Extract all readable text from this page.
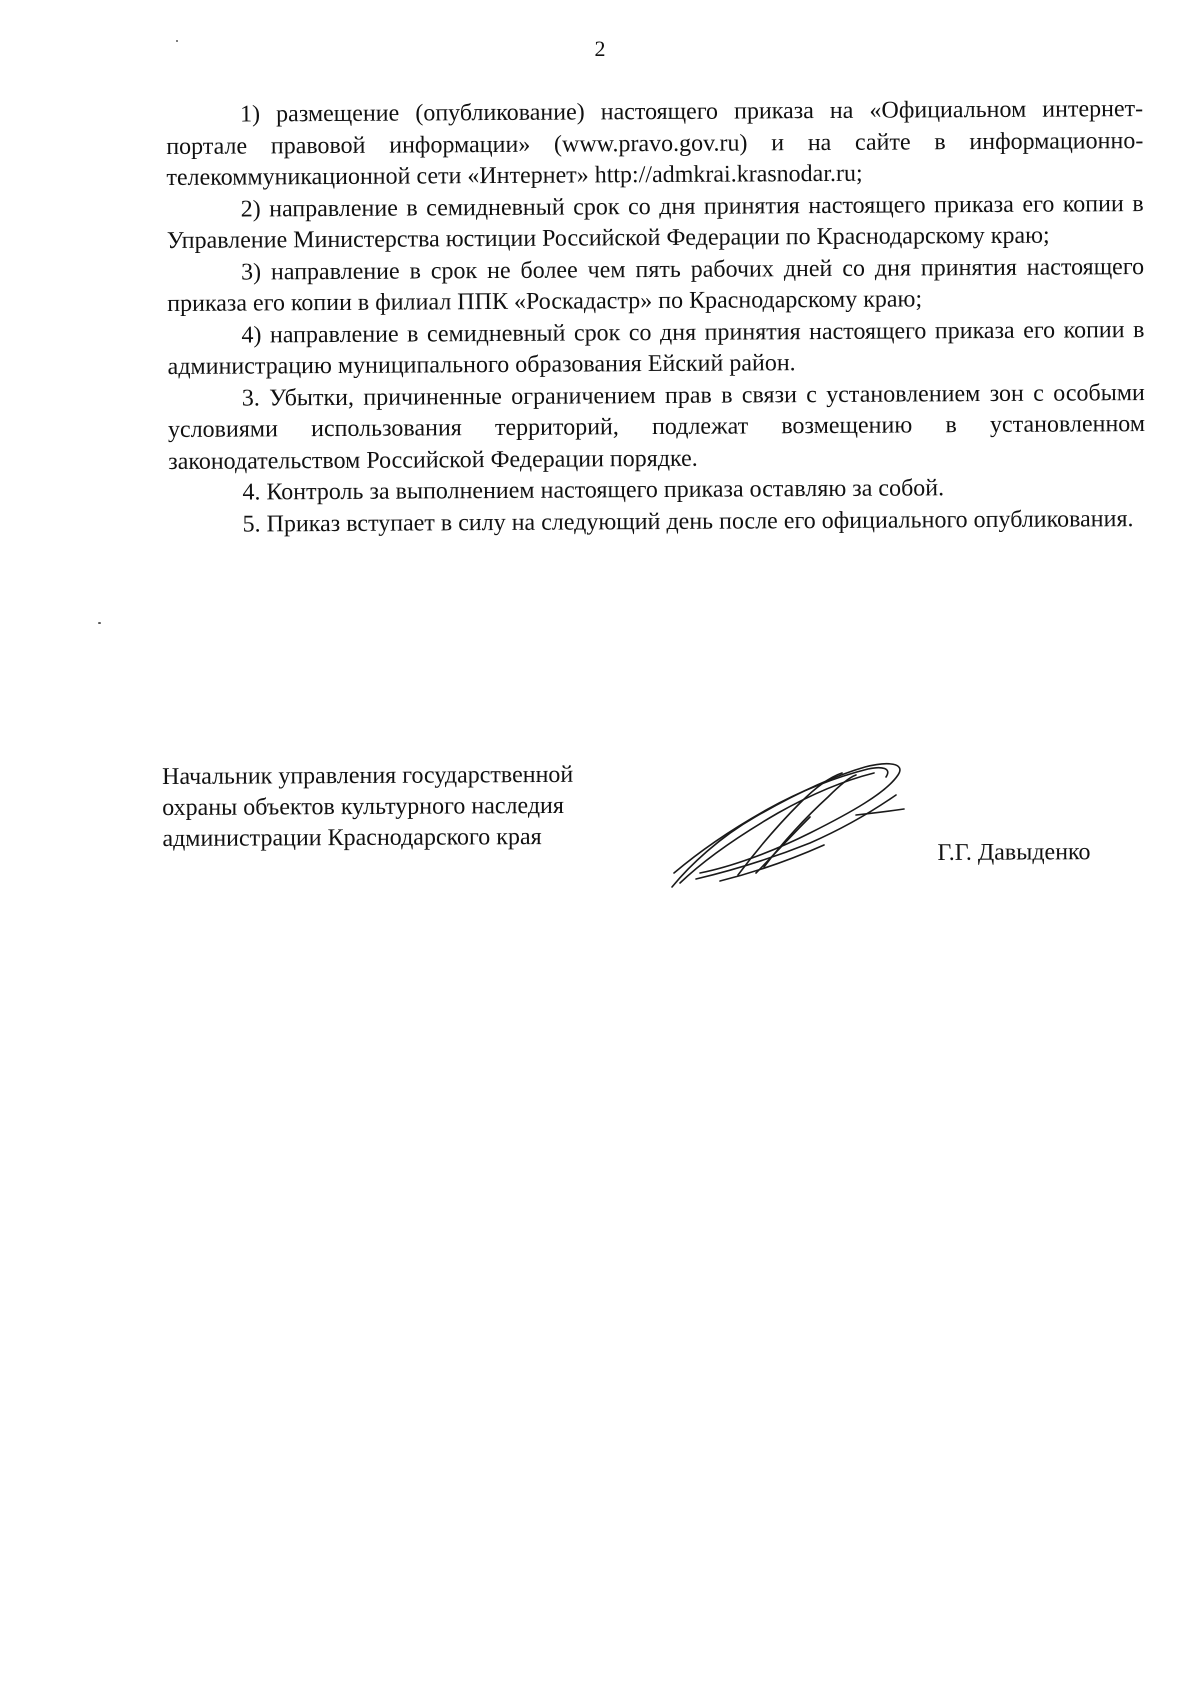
2

1) размещение (опубликование) настоящего приказа на «Официальном интернет-портале правовой информации» (www.pravo.gov.ru) и на сайте в информационно-телекоммуникационной сети «Интернет» http://admkrai.krasnodar.ru;

2) направление в семидневный срок со дня принятия настоящего приказа его копии в Управление Министерства юстиции Российской Федерации по Краснодарскому краю;

3) направление в срок не более чем пять рабочих дней со дня принятия настоящего приказа его копии в филиал ППК «Роскадастр» по Краснодарскому краю;

4) направление в семидневный срок со дня принятия настоящего приказа его копии в администрацию муниципального образования Ейский район.

3. Убытки, причиненные ограничением прав в связи с установлением зон с особыми условиями использования территорий, подлежат возмещению в установленном законодательством Российской Федерации порядке.

4. Контроль за выполнением настоящего приказа оставляю за собой.

5. Приказ вступает в силу на следующий день после его официального опубликования.

Начальник управления государственной
охраны объектов культурного наследия
администрации Краснодарского края
Г.Г. Давыденко
